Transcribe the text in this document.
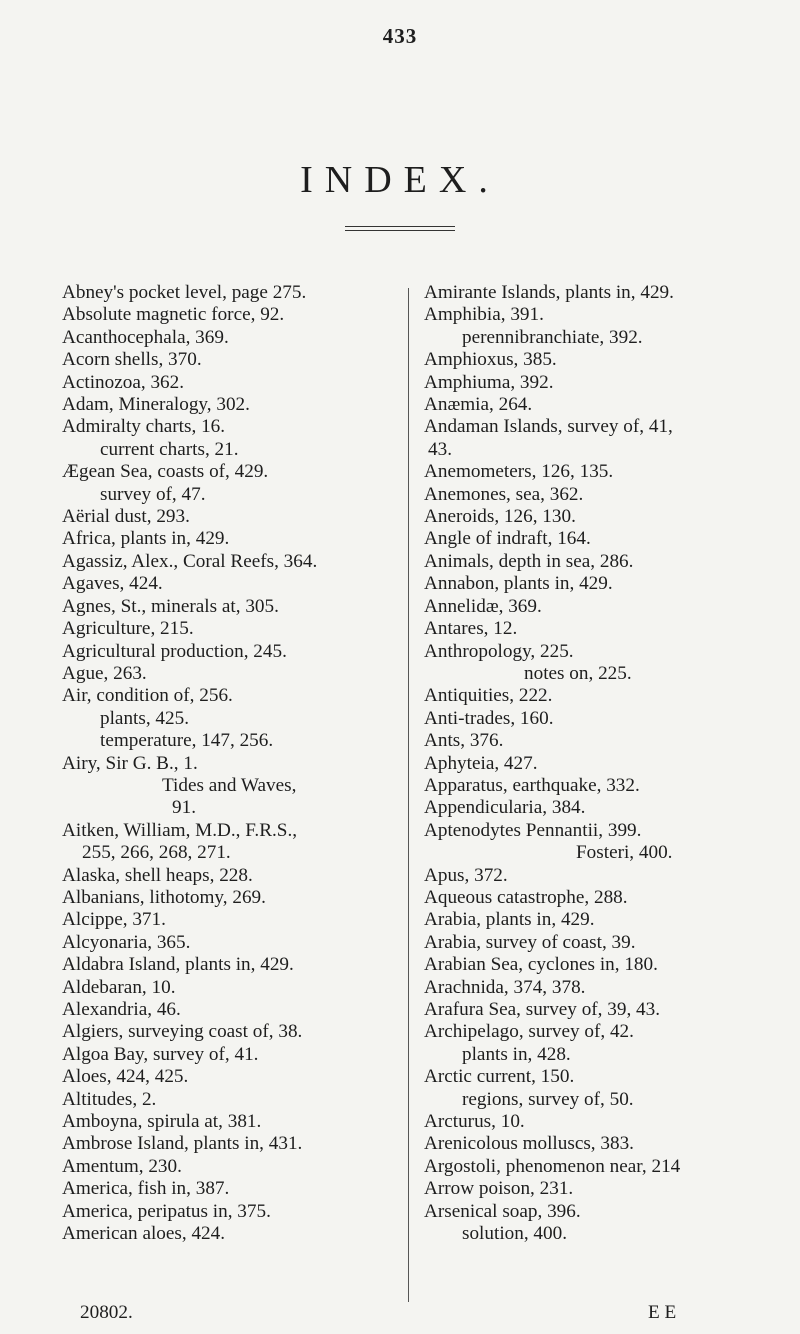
433
INDEX.
Abney's pocket level, page 275.
Absolute magnetic force, 92.
Acanthocephala, 369.
Acorn shells, 370.
Actinozoa, 362.
Adam, Mineralogy, 302.
Admiralty charts, 16.
current charts, 21.
Ægean Sea, coasts of, 429.
survey of, 47.
Aërial dust, 293.
Africa, plants in, 429.
Agassiz, Alex., Coral Reefs, 364.
Agaves, 424.
Agnes, St., minerals at, 305.
Agriculture, 215.
Agricultural production, 245.
Ague, 263.
Air, condition of, 256.
plants, 425.
temperature, 147, 256.
Airy, Sir G. B., 1.
Tides and Waves,
91.
Aitken, William, M.D., F.R.S.,
255, 266, 268, 271.
Alaska, shell heaps, 228.
Albanians, lithotomy, 269.
Alcippe, 371.
Alcyonaria, 365.
Aldabra Island, plants in, 429.
Aldebaran, 10.
Alexandria, 46.
Algiers, surveying coast of, 38.
Algoa Bay, survey of, 41.
Aloes, 424, 425.
Altitudes, 2.
Amboyna, spirula at, 381.
Ambrose Island, plants in, 431.
Amentum, 230.
America, fish in, 387.
America, peripatus in, 375.
American aloes, 424.
Amirante Islands, plants in, 429.
Amphibia, 391.
perennibranchiate, 392.
Amphioxus, 385.
Amphiuma, 392.
Anæmia, 264.
Andaman Islands, survey of, 41,
43.
Anemometers, 126, 135.
Anemones, sea, 362.
Aneroids, 126, 130.
Angle of indraft, 164.
Animals, depth in sea, 286.
Annabon, plants in, 429.
Annelidæ, 369.
Antares, 12.
Anthropology, 225.
notes on, 225.
Antiquities, 222.
Anti-trades, 160.
Ants, 376.
Aphyteia, 427.
Apparatus, earthquake, 332.
Appendicularia, 384.
Aptenodytes Pennantii, 399.
Fosteri, 400.
Apus, 372.
Aqueous catastrophe, 288.
Arabia, plants in, 429.
Arabia, survey of coast, 39.
Arabian Sea, cyclones in, 180.
Arachnida, 374, 378.
Arafura Sea, survey of, 39, 43.
Archipelago, survey of, 42.
plants in, 428.
Arctic current, 150.
regions, survey of, 50.
Arcturus, 10.
Arenicolous molluscs, 383.
Argostoli, phenomenon near, 214
Arrow poison, 231.
Arsenical soap, 396.
solution, 400.
20802.	E E
